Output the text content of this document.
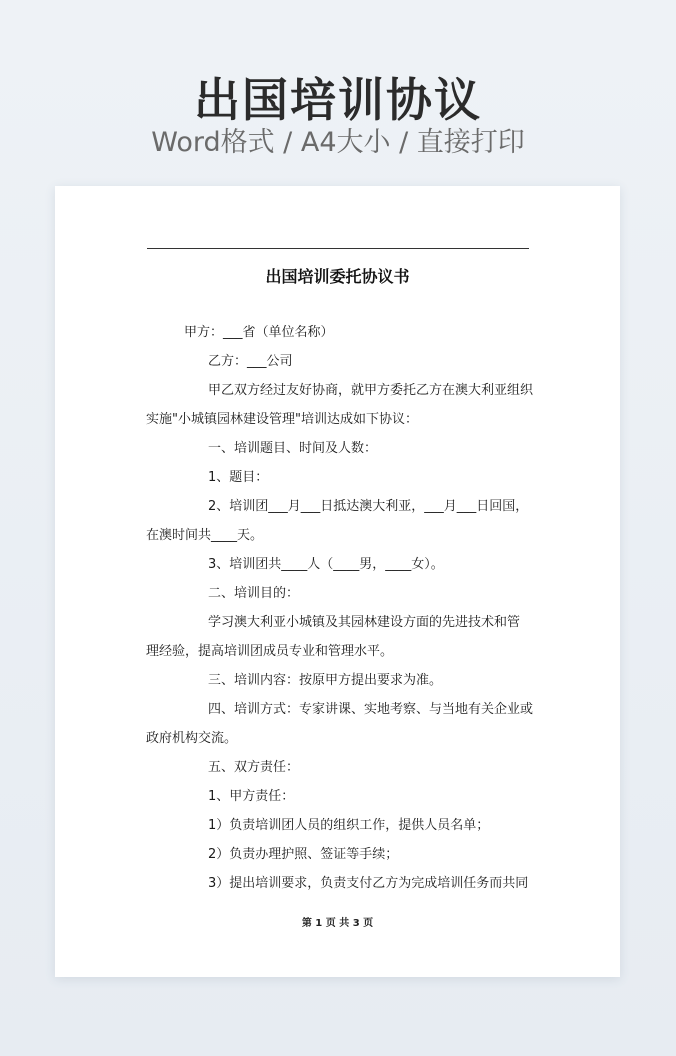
出国培训协议
Word格式 / A4大小 / 直接打印
出国培训委托协议书

甲方：___省（单位名称）

乙方：___公司

甲乙双方经过友好协商，就甲方委托乙方在澳大利亚组织

实施"小城镇园林建设管理"培训达成如下协议：

一、培训题目、时间及人数：

1、题目：

2、培训团___月___日抵达澳大利亚，___月___日回国，

在澳时间共____天。

3、培训团共____人（____男，____女）。

二、培训目的：

学习澳大利亚小城镇及其园林建设方面的先进技术和管

理经验，提高培训团成员专业和管理水平。

三、培训内容：按原甲方提出要求为准。

四、培训方式：专家讲课、实地考察、与当地有关企业或

政府机构交流。

五、双方责任：

1、甲方责任：

1）负责培训团人员的组织工作，提供人员名单；

2）负责办理护照、签证等手续；

3）提出培训要求，负责支付乙方为完成培训任务而共同

第 1 页 共 3 页
